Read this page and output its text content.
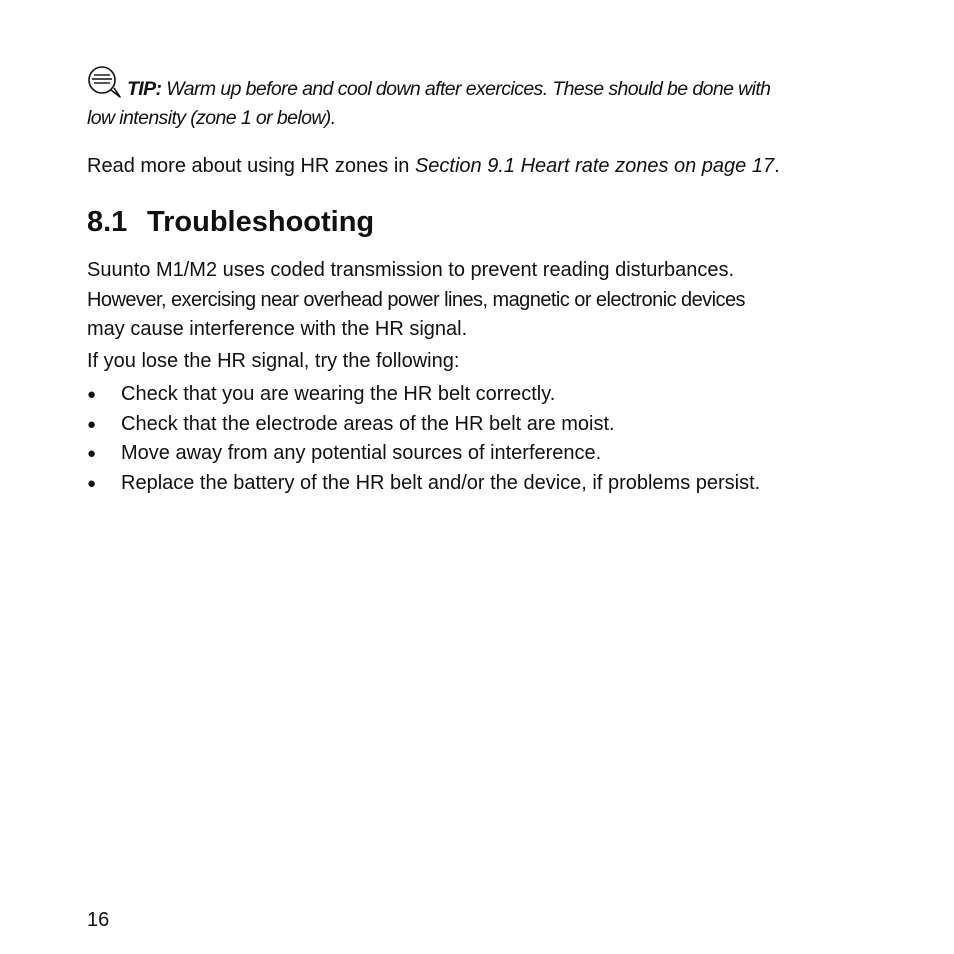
TIP: Warm up before and cool down after exercices. These should be done with
low intensity (zone 1 or below).
Read more about using HR zones in Section 9.1 Heart rate zones on page 17.
8.1 Troubleshooting
Suunto M1/M2 uses coded transmission to prevent reading disturbances.
However, exercising near overhead power lines, magnetic or electronic devices
may cause interference with the HR signal.
If you lose the HR signal, try the following:
●	Check that you are wearing the HR belt correctly.
●	Check that the electrode areas of the HR belt are moist.
●	Move away from any potential sources of interference.
●	Replace the battery of the HR belt and/or the device, if problems persist.
16
